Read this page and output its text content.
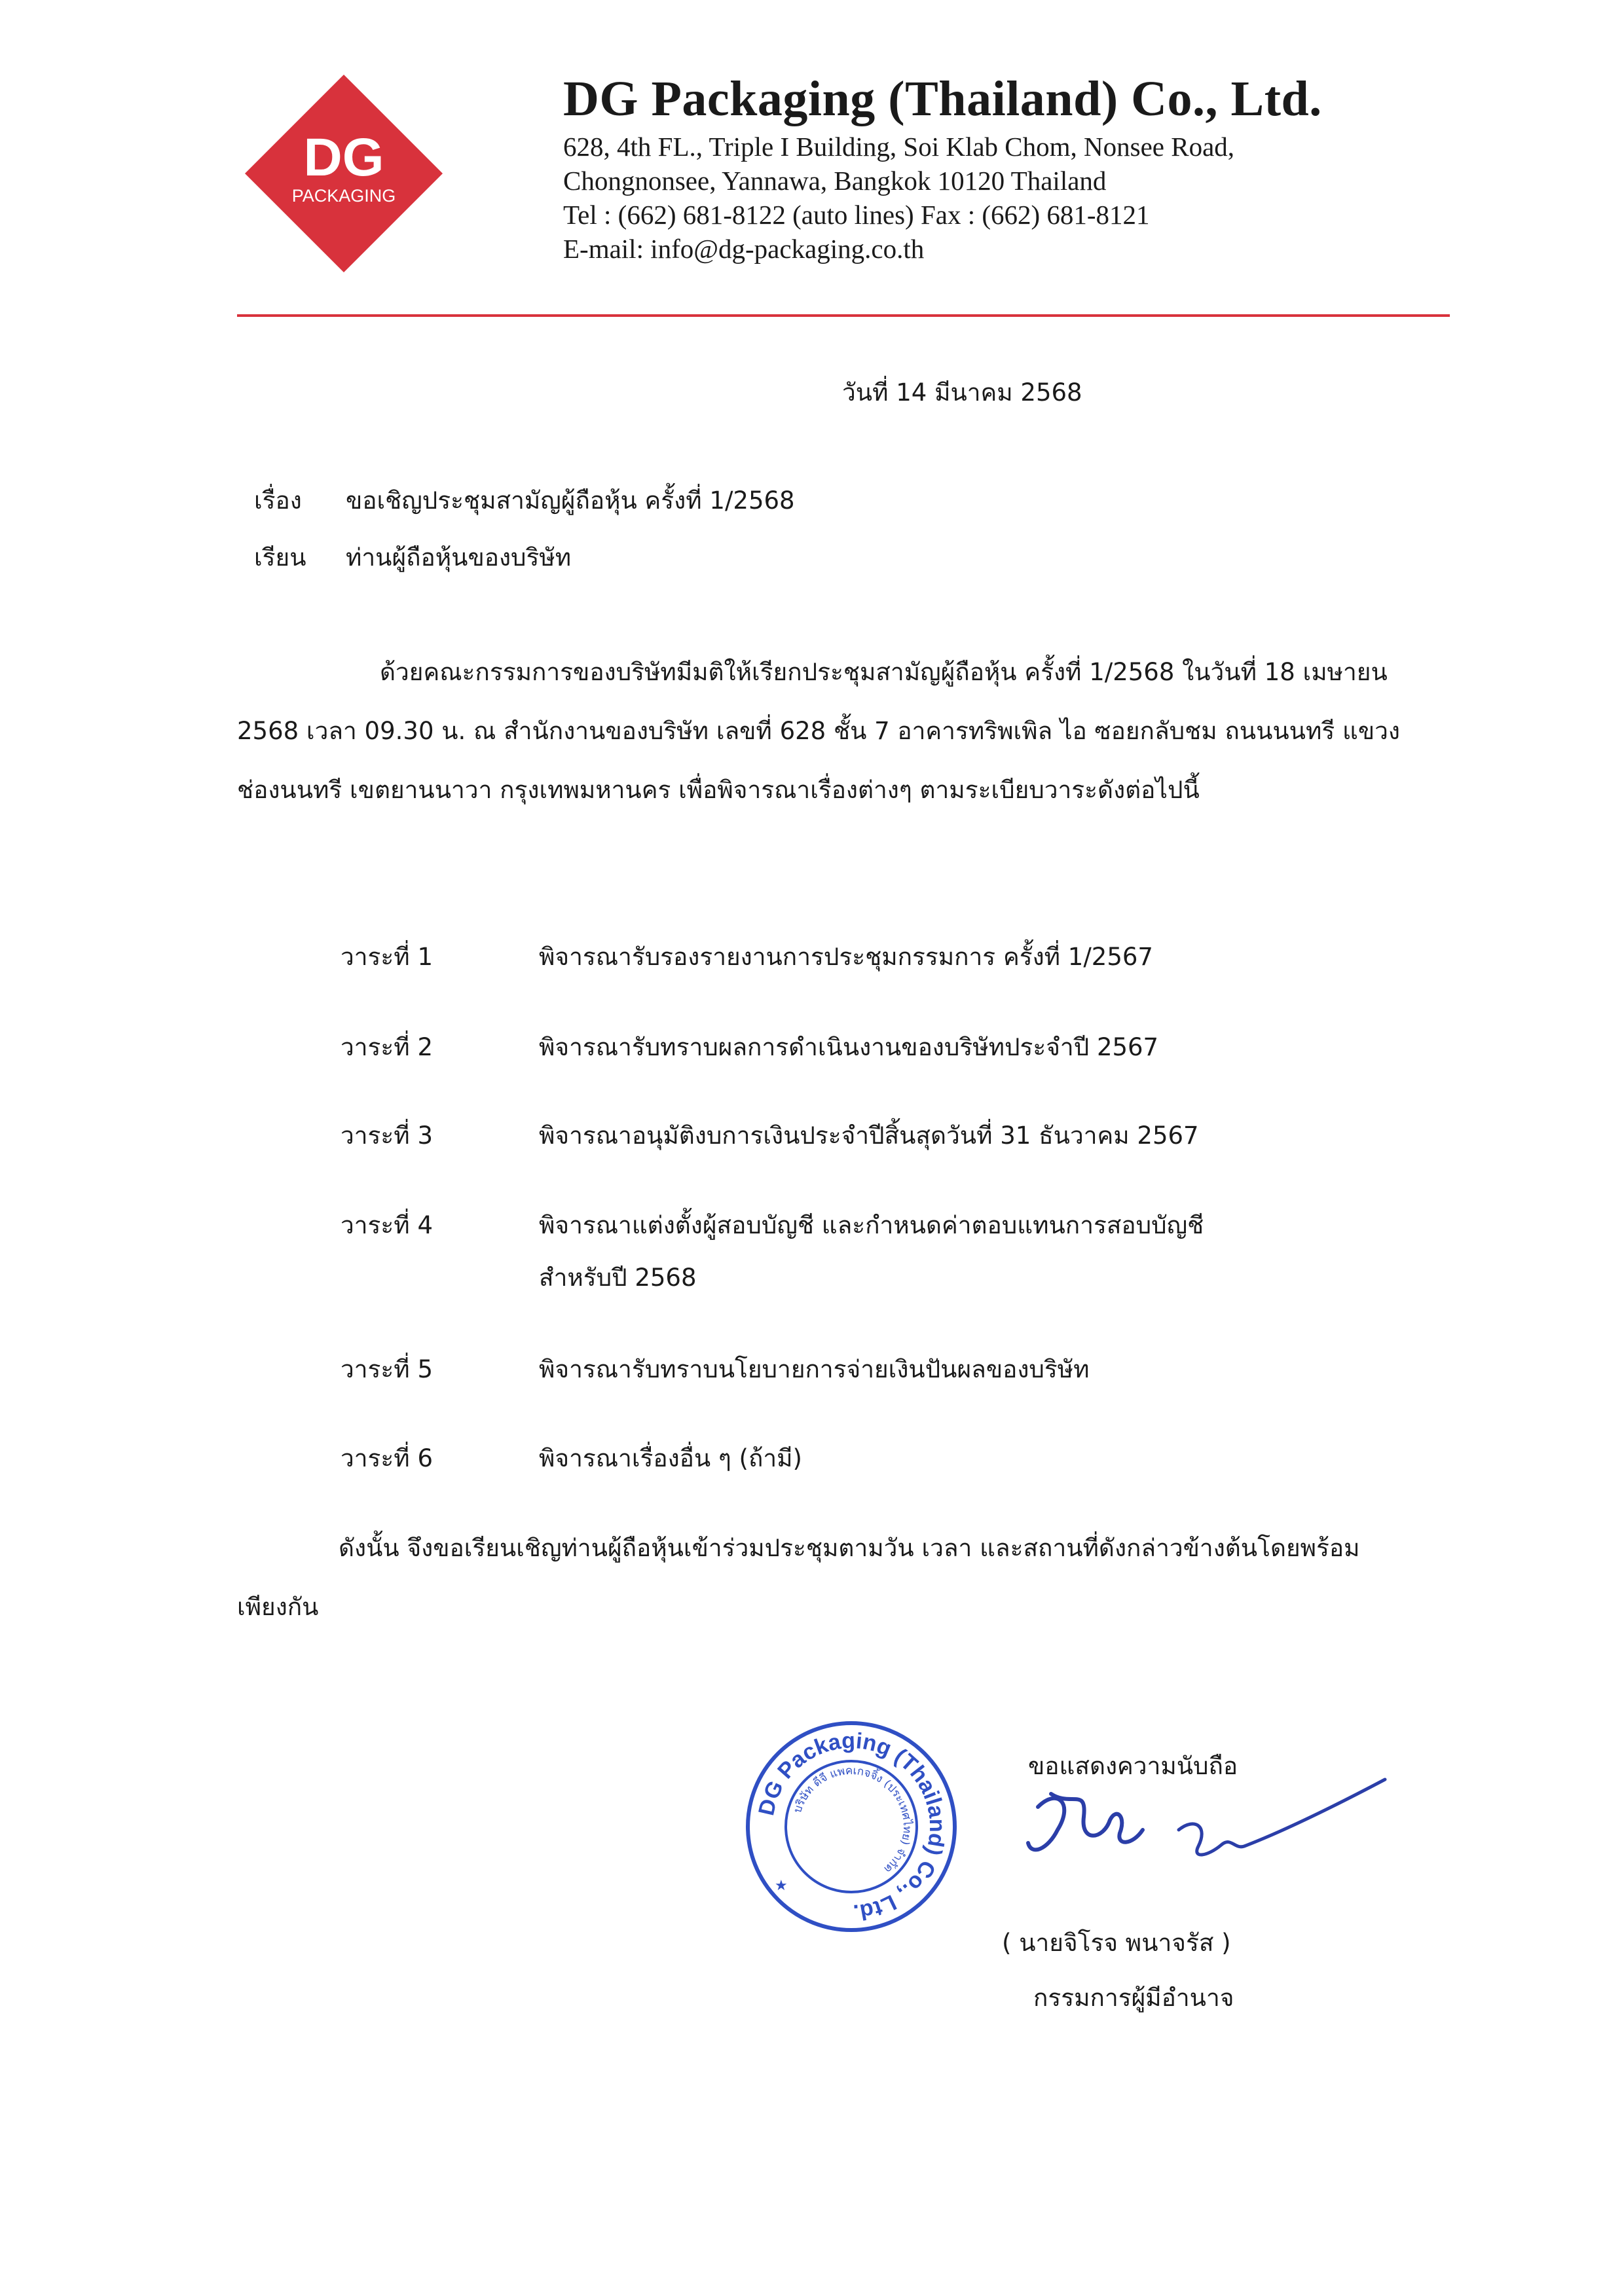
DG
PACKAGING
DG Packaging (Thailand) Co., Ltd.
628, 4th FL., Triple I Building, Soi Klab Chom, Nonsee Road,
Chongnonsee, Yannawa, Bangkok 10120 Thailand
Tel : (662) 681-8122 (auto lines) Fax : (662) 681-8121
E-mail: info@dg-packaging.co.th
วันที่ 14 มีนาคม 2568
เรื่อง ขอเชิญประชุมสามัญผู้ถือหุ้น ครั้งที่ 1/2568
เรียน ท่านผู้ถือหุ้นของบริษัท
ด้วยคณะกรรมการของบริษัทมีมติให้เรียกประชุมสามัญผู้ถือหุ้น ครั้งที่ 1/2568 ในวันที่ 18 เมษายน 2568 เวลา 09.30 น. ณ สำนักงานของบริษัท เลขที่ 628 ชั้น 7 อาคารทริพเพิล ไอ ซอยกลับชม ถนนนนทรี แขวงช่องนนทรี เขตยานนาวา กรุงเทพมหานคร เพื่อพิจารณาเรื่องต่างๆ ตามระเบียบวาระดังต่อไปนี้
วาระที่ 1	พิจารณารับรองรายงานการประชุมกรรมการ ครั้งที่ 1/2567
วาระที่ 2	พิจารณารับทราบผลการดำเนินงานของบริษัทประจำปี 2567
วาระที่ 3	พิจารณาอนุมัติงบการเงินประจำปีสิ้นสุดวันที่ 31 ธันวาคม 2567
วาระที่ 4	พิจารณาแต่งตั้งผู้สอบบัญชี และกำหนดค่าตอบแทนการสอบบัญชี
สำหรับปี 2568
วาระที่ 5	พิจารณารับทราบนโยบายการจ่ายเงินปันผลของบริษัท
วาระที่ 6	พิจารณาเรื่องอื่น ๆ (ถ้ามี)
ดังนั้น จึงขอเรียนเชิญท่านผู้ถือหุ้นเข้าร่วมประชุมตามวัน เวลา และสถานที่ดังกล่าวข้างต้นโดยพร้อมเพียงกัน
ขอแสดงความนับถือ
DG Packaging (Thailand) Co., Ltd.
บริษัท ดีจี แพคเกจจิ้ง (ประเทศไทย) จำกัด
★
( นายจิโรจ พนาจรัส )
กรรมการผู้มีอำนาจ
